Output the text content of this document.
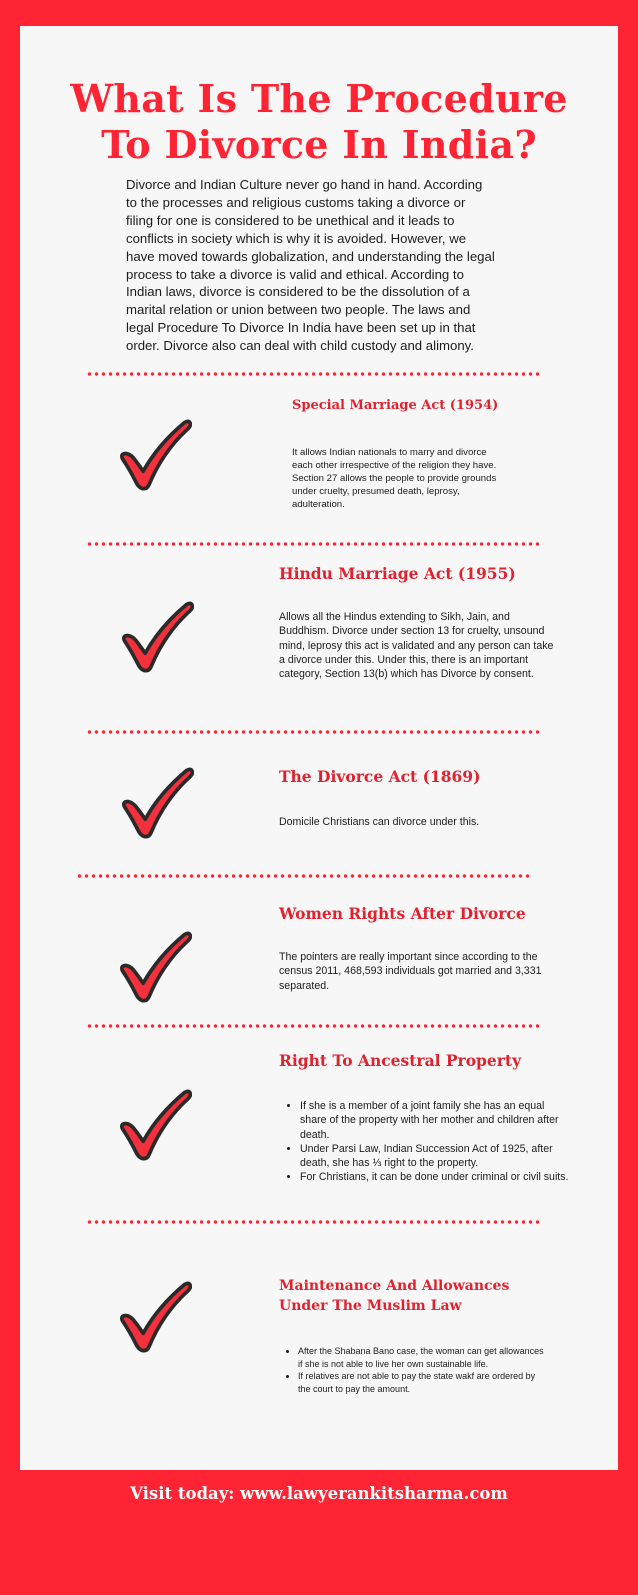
What Is The Procedure
To Divorce In India?

Divorce and Indian Culture never go hand in hand. According to the processes and religious customs taking a divorce or filing for one is considered to be unethical and it leads to conflicts in society which is why it is avoided. However, we have moved towards globalization, and understanding the legal process to take a divorce is valid and ethical. According to Indian laws, divorce is considered to be the dissolution of a marital relation or union between two people. The laws and legal Procedure To Divorce In India have been set up in that order. Divorce also can deal with child custody and alimony.

Special Marriage Act (1954)

It allows Indian nationals to marry and divorce each other irrespective of the religion they have. Section 27 allows the people to provide grounds under cruelty, presumed death, leprosy, adulteration.

Hindu Marriage Act (1955)

Allows all the Hindus extending to Sikh, Jain, and Buddhism. Divorce under section 13 for cruelty, unsound mind, leprosy this act is validated and any person can take a divorce under this. Under this, there is an important category, Section 13(b) which has Divorce by consent.

The Divorce Act (1869)

Domicile Christians can divorce under this.

Women Rights After Divorce

The pointers are really important since according to the census 2011, 468,593 individuals got married and 3,331 separated.

Right To Ancestral Property
• If she is a member of a joint family she has an equal share of the property with her mother and children after death.
• Under Parsi Law, Indian Succession Act of 1925, after death, she has ⅓ right to the property.
• For Christians, it can be done under criminal or civil suits.
Maintenance And Allowances
Under The Muslim Law
• After the Shabana Bano case, the woman can get allowances if she is not able to live her own sustainable life.
• If relatives are not able to pay the state wakf are ordered by the court to pay the amount.

Visit today: www.lawyerankitsharma.com
